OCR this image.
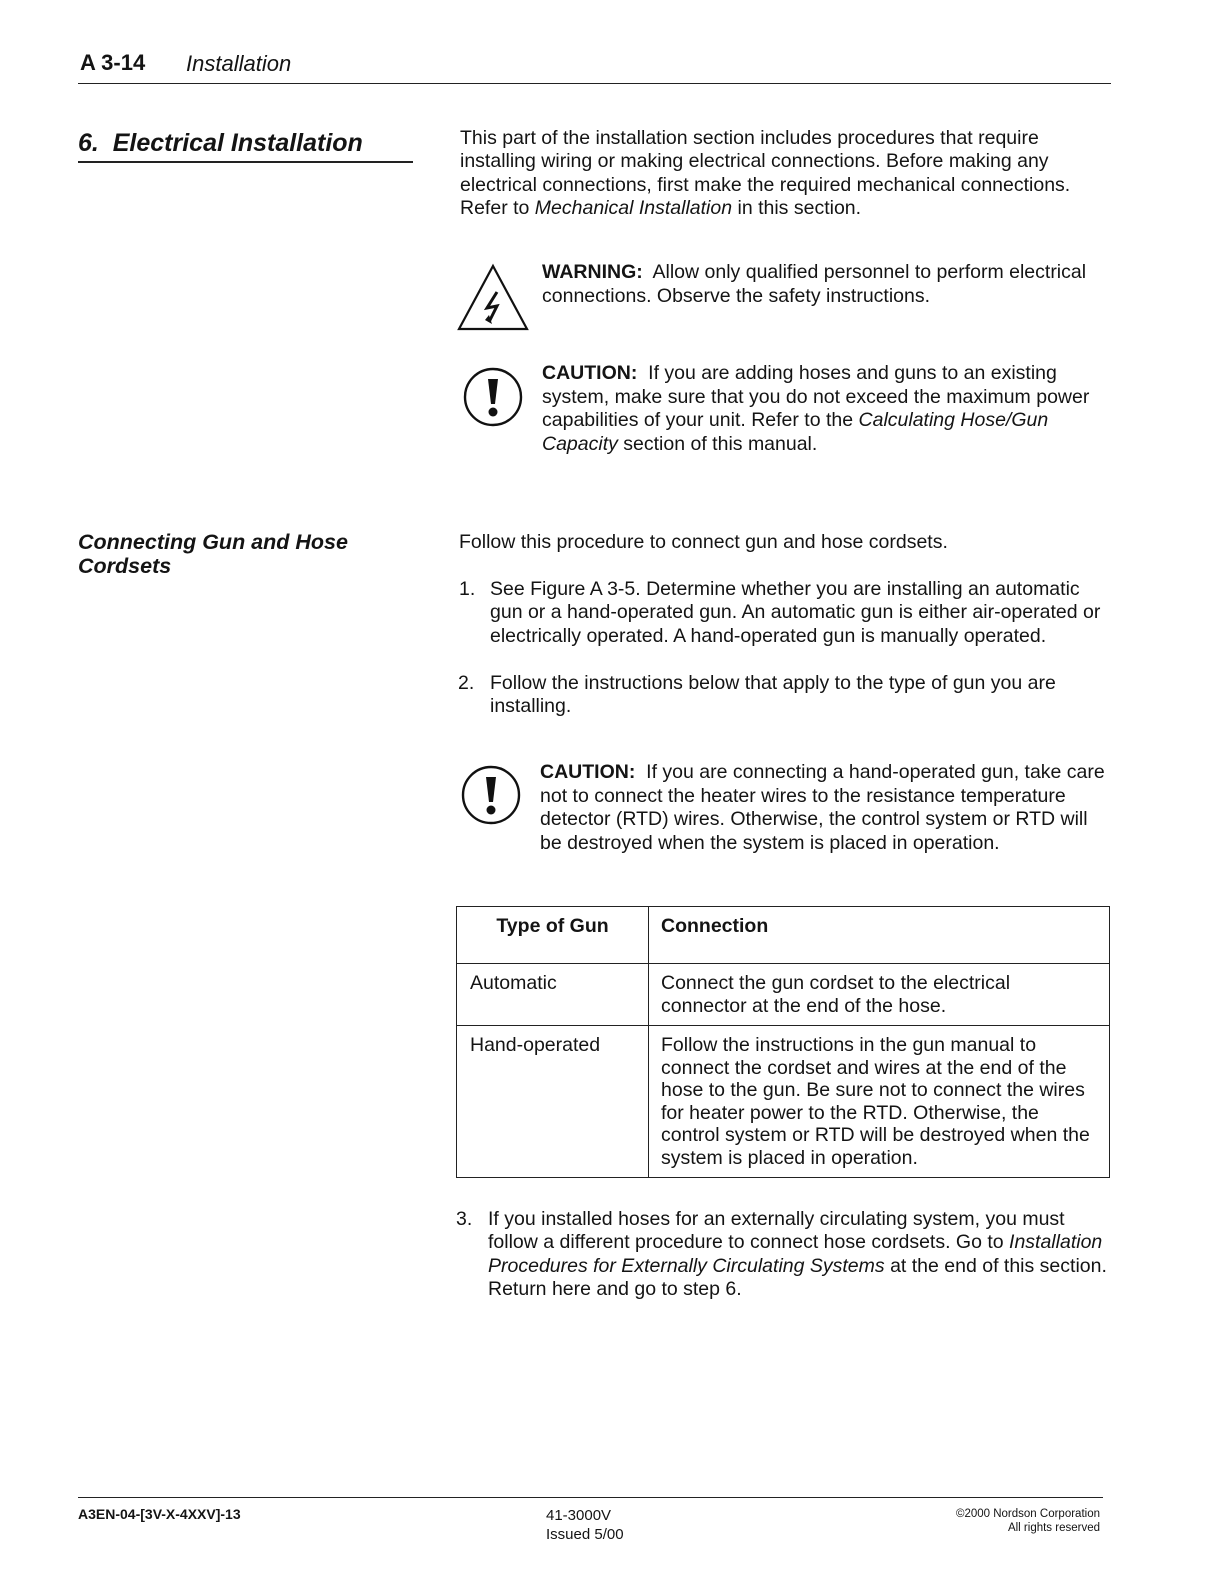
A 3-14 Installation
6.  Electrical Installation	This part of the installation section includes procedures that require installing wiring or making electrical connections. Before making any electrical connections, first make the required mechanical connections. Refer to Mechanical Installation in this section.
WARNING: Allow only qualified personnel to perform electrical connections. Observe the safety instructions.
CAUTION: If you are adding hoses and guns to an existing system, make sure that you do not exceed the maximum power capabilities of your unit. Refer to the Calculating Hose/Gun Capacity section of this manual.
Connecting Gun and Hose Cordsets
Follow this procedure to connect gun and hose cordsets.
1. See Figure A 3-5. Determine whether you are installing an automatic gun or a hand-operated gun. An automatic gun is either air-operated or electrically operated. A hand-operated gun is manually operated.
2. Follow the instructions below that apply to the type of gun you are installing.
CAUTION: If you are connecting a hand-operated gun, take care not to connect the heater wires to the resistance temperature detector (RTD) wires. Otherwise, the control system or RTD will be destroyed when the system is placed in operation.
Type of Gun	Connection
Automatic	Connect the gun cordset to the electrical connector at the end of the hose.
Hand-operated	Follow the instructions in the gun manual to connect the cordset and wires at the end of the hose to the gun. Be sure not to connect the wires for heater power to the RTD. Otherwise, the control system or RTD will be destroyed when the system is placed in operation.
3. If you installed hoses for an externally circulating system, you must follow a different procedure to connect hose cordsets. Go to Installation Procedures for Externally Circulating Systems at the end of this section. Return here and go to step 6.
A3EN-04-[3V-X-4XXV]-13	41-3000V
Issued 5/00
©2000 Nordson Corporation
All rights reserved
